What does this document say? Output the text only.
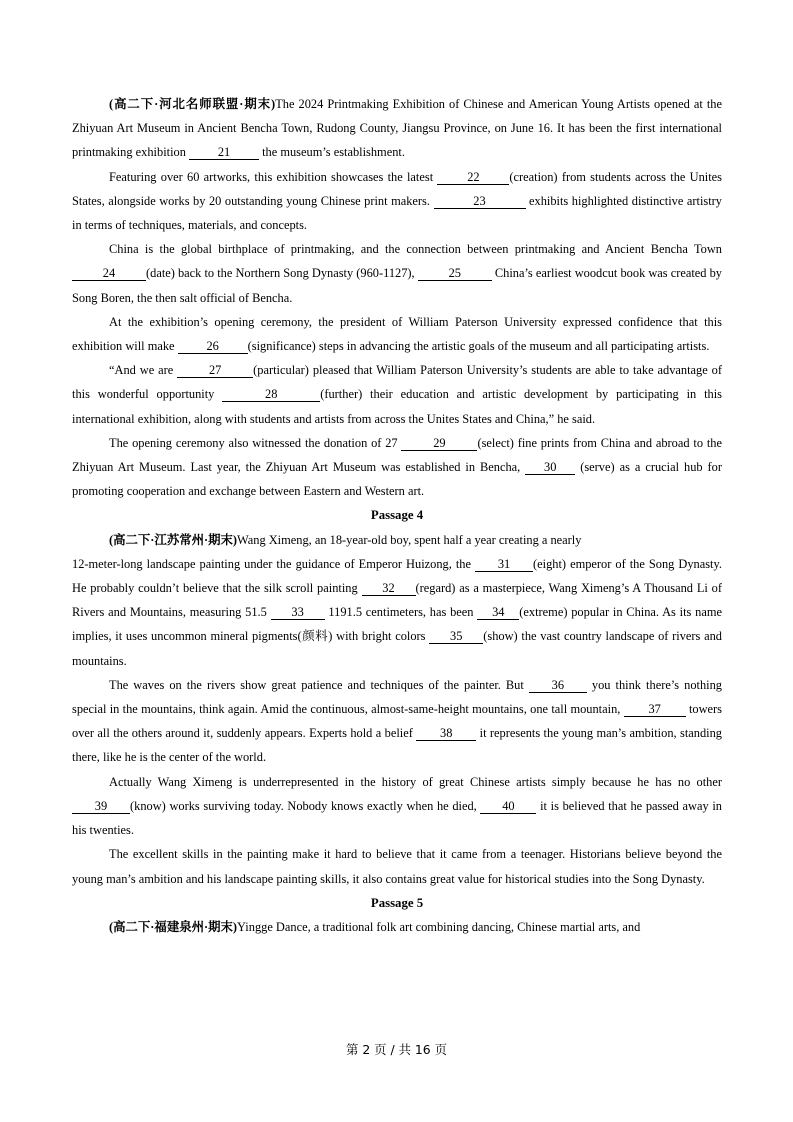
(高二下·河北名师联盟·期末)The 2024 Printmaking Exhibition of Chinese and American Young Artists opened at the Zhiyuan Art Museum in Ancient Bencha Town, Rudong County, Jiangsu Province, on June 16. It has been the first international printmaking exhibition 21 the museum’s establishment.

Featuring over 60 artworks, this exhibition showcases the latest 22 (creation) from students across the Unites States, alongside works by 20 outstanding young Chinese print makers.	23	exhibits highlighted distinctive artistry in terms of techniques, materials, and concepts.

China is the global birthplace of printmaking, and the connection between printmaking and Ancient Bencha Town 24 (date) back to the Northern Song Dynasty (960-1127), 25 China’s earliest woodcut book was created by Song Boren, the then salt official of Bencha.

At the exhibition’s opening ceremony, the president of William Paterson University expressed confidence that this exhibition will make 26 (significance) steps in advancing the artistic goals of the museum and all participating artists.

“And we are	27	(particular) pleased that William Paterson University’s students are able to take advantage of this wonderful opportunity	28	(further) their education and artistic development by participating in this international exhibition, along with students and artists from across the Unites States and China,” he said.

The opening ceremony also witnessed the donation of 27	29	(select) fine prints from China and abroad to the Zhiyuan Art Museum. Last year, the Zhiyuan Art Museum was established in Bencha, 30 (serve) as a crucial hub for promoting cooperation and exchange between Eastern and Western art.

Passage 4

(高二下·江苏常州·期末)Wang Ximeng, an 18-year-old boy, spent half a year creating a nearly

12-meter-long landscape painting under the guidance of Emperor Huizong, the 31 (eight) emperor of the Song Dynasty. He probably couldn’t believe that the silk scroll painting 32 (regard) as a masterpiece, Wang Ximeng’s A Thousand Li of Rivers and Mountains, measuring 51.5 33 1191.5 centimeters, has been 34 (extreme) popular in China. As its name implies, it uses uncommon mineral pigments(颜料) with bright colors 35 (show) the vast country landscape of rivers and mountains.

The waves on the rivers show great patience and techniques of the painter. But 36 you think there’s nothing special in the mountains, think again. Amid the continuous, almost-same-height mountains, one tall mountain, 37 towers over all the others around it, suddenly appears. Experts hold a belief 38 it represents the young man’s ambition, standing there, like he is the center of the world.

Actually Wang Ximeng is underrepresented in the history of great Chinese artists simply because he has no other 39 (know) works surviving today. Nobody knows exactly when he died, 40 it is believed that he passed away in his twenties.

The excellent skills in the painting make it hard to believe that it came from a teenager. Historians believe beyond the young man’s ambition and his landscape painting skills, it also contains great value for historical studies into the Song Dynasty.

Passage 5

(高二下·福建泉州·期末)Yingge Dance, a traditional folk art combining dancing, Chinese martial arts, and

第 2 页 / 共 16 页
